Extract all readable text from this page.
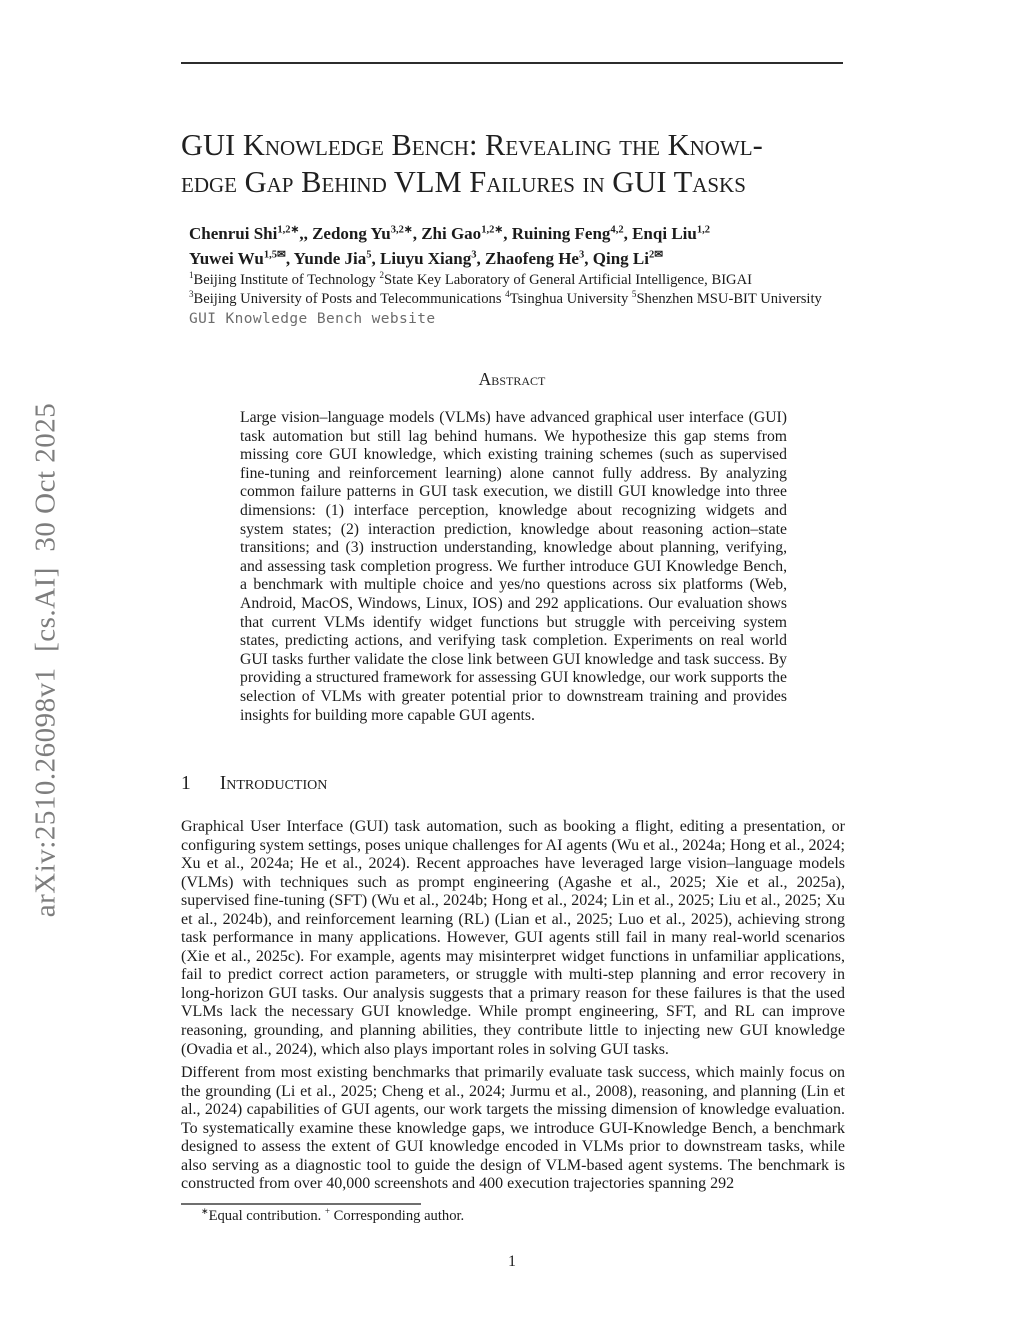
arXiv:2510.26098v1  [cs.AI]  30 Oct 2025
GUI Knowledge Bench: Revealing the Knowl-
edge Gap Behind VLM Failures in GUI Tasks
Chenrui Shi$^{1,2∗}$,, Zedong $Yu^{3,2∗}$, Zhi Gao$^{1,2∗}$, Ruining Feng$^{4,2}$, Enqi Liu$^{1,2}$
Yuwei $Wu^{1,5✉}$, Yunde Jia$^5$, Liuyu Xiang$^3$, Zhaofeng He$^3$, Qing $Li^{2✉}$
$^1$Beijing Institute of Technology $^2$State Key Laboratory of General Artificial Intelligence, BIGAI
$^3$Beijing University of Posts and Telecommunications $^4$Tsinghua University $^5$Shenzhen MSU-BIT University
GUI Knowledge Bench website
Abstract
Large vision–language models (VLMs) have advanced graphical user interface (GUI) task automation but still lag behind humans. We hypothesize this gap stems from missing core GUI knowledge, which existing training schemes (such as supervised fine-tuning and reinforcement learning) alone cannot fully address. By analyzing common failure patterns in GUI task execution, we distill GUI knowledge into three dimensions: (1) interface perception, knowledge about recognizing widgets and system states; (2) interaction prediction, knowledge about reasoning action–state transitions; and (3) instruction understanding, knowledge about planning, verifying, and assessing task completion progress. We further introduce GUI Knowledge Bench, a benchmark with multiple choice and yes/no questions across six platforms (Web, Android, MacOS, Windows, Linux, IOS) and 292 applications. Our evaluation shows that current VLMs identify widget functions but struggle with perceiving system states, predicting actions, and verifying task completion. Experiments on real world GUI tasks further validate the close link between GUI knowledge and task success. By providing a structured framework for assessing GUI knowledge, our work supports the selection of VLMs with greater potential prior to downstream training and provides insights for building more capable GUI agents.
1 Introduction
Graphical User Interface (GUI) task automation, such as booking a flight, editing a presentation, or configuring system settings, poses unique challenges for AI agents (Wu et al., 2024a; Hong et al., 2024; Xu et al., 2024a; He et al., 2024). Recent approaches have leveraged large vision–language models (VLMs) with techniques such as prompt engineering (Agashe et al., 2025; Xie et al., 2025a), supervised fine-tuning (SFT) (Wu et al., 2024b; Hong et al., 2024; Lin et al., 2025; Liu et al., 2025; Xu et al., 2024b), and reinforcement learning (RL) (Lian et al., 2025; Luo et al., 2025), achieving strong task performance in many applications. However, GUI agents still fail in many real-world scenarios (Xie et al., 2025c). For example, agents may misinterpret widget functions in unfamiliar applications, fail to predict correct action parameters, or struggle with multi-step planning and error recovery in long-horizon GUI tasks. Our analysis suggests that a primary reason for these failures is that the used VLMs lack the necessary GUI knowledge. While prompt engineering, SFT, and RL can improve reasoning, grounding, and planning abilities, they contribute little to injecting new GUI knowledge (Ovadia et al., 2024), which also plays important roles in solving GUI tasks.
Different from most existing benchmarks that primarily evaluate task success, which mainly focus on the grounding (Li et al., 2025; Cheng et al., 2024; Jurmu et al., 2008), reasoning, and planning (Lin et al., 2024) capabilities of GUI agents, our work targets the missing dimension of knowledge evaluation. To systematically examine these knowledge gaps, we introduce GUI-Knowledge Bench, a benchmark designed to assess the extent of GUI knowledge encoded in VLMs prior to downstream tasks, while also serving as a diagnostic tool to guide the design of VLM-based agent systems. The benchmark is constructed from over 40,000 screenshots and 400 execution trajectories spanning 292
∗Equal contribution. + Corresponding author.
1
